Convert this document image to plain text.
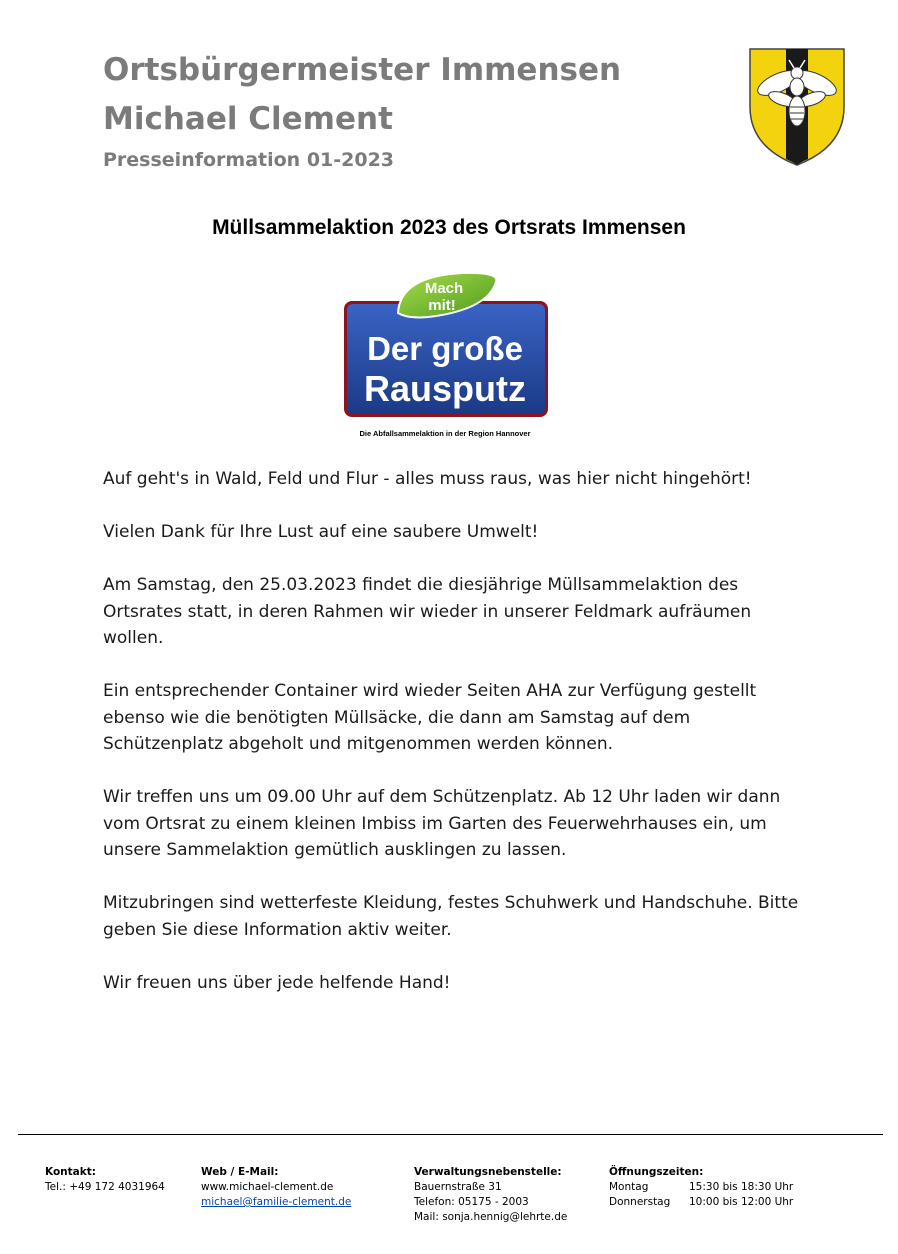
Ortsbürgermeister Immensen
Michael Clement
Presseinformation 01-2023
Müllsammelaktion 2023 des Ortsrats Immensen
Mach
mit!
Der große
Rausputz
Die Abfallsammelaktion in der Region Hannover

Auf geht's in Wald, Feld und Flur - alles muss raus, was hier nicht hingehört!

Vielen Dank für Ihre Lust auf eine saubere Umwelt!

Am Samstag, den 25.03.2023 findet die diesjährige Müllsammelaktion des Ortsrates statt, in deren Rahmen wir wieder in unserer Feldmark aufräumen wollen.

Ein entsprechender Container wird wieder Seiten AHA zur Verfügung gestellt ebenso wie die benötigten Müllsäcke, die dann am Samstag auf dem Schützenplatz abgeholt und mitgenommen werden können.

Wir treffen uns um 09.00 Uhr auf dem Schützenplatz. Ab 12 Uhr laden wir dann vom Ortsrat zu einem kleinen Imbiss im Garten des Feuerwehrhauses ein, um unsere Sammelaktion gemütlich ausklingen zu lassen.

Mitzubringen sind wetterfeste Kleidung, festes Schuhwerk und Handschuhe. Bitte geben Sie diese Information aktiv weiter.

Wir freuen uns über jede helfende Hand!

Kontakt:
Tel.: +49 172 4031964
Web / E-Mail:
www.michael-clement.de
michael@familie-clement.de
Verwaltungsnebenstelle:
Bauernstraße 31
Telefon: 05175 - 2003
Mail: sonja.hennig@lehrte.de
Öffnungszeiten:
Montag	15:30 bis 18:30 Uhr
Donnerstag	10:00 bis 12:00 Uhr
